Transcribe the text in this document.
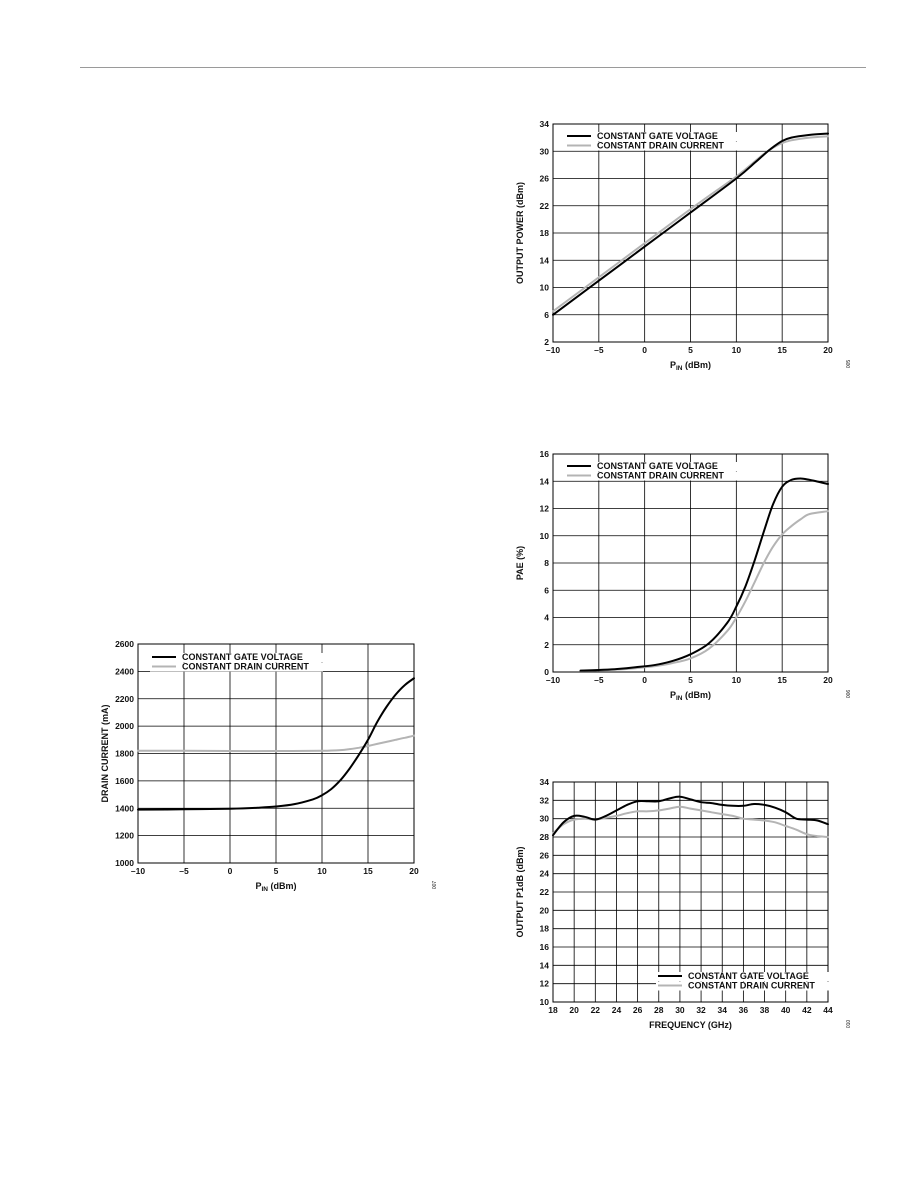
–10	–5	0	5	10	15	20
2
6
10
14
18
22
26
30
34
$P_{IN}$ (dBm)
OUTPUT POWER (dBm)
005
CONSTANT GATE VOLTAGE
CONSTANT DRAIN CURRENT
–10	–5	0	5	10	15	20
0
2
4
6
8
10
12
14
16
$P_{IN}$ (dBm)
PAE (%)
006
CONSTANT GATE VOLTAGE
CONSTANT DRAIN CURRENT
18 20 22 24 26 28 30 32 34 36 38 40 42 44
10
12
14
16
18
20
22
24
26
28
30
32
34
FREQUENCY (GHz)
OUTPUT P1dB (dBm)
010
CONSTANT GATE VOLTAGE
CONSTANT DRAIN CURRENT
–10	–5	0	5	10	15	20
1000
1200
1400
1600
1800
2000
2200
2400
2600
$P_{IN}$ (dBm)
DRAIN CURRENT (mA)
007
CONSTANT GATE VOLTAGE
CONSTANT DRAIN CURRENT
